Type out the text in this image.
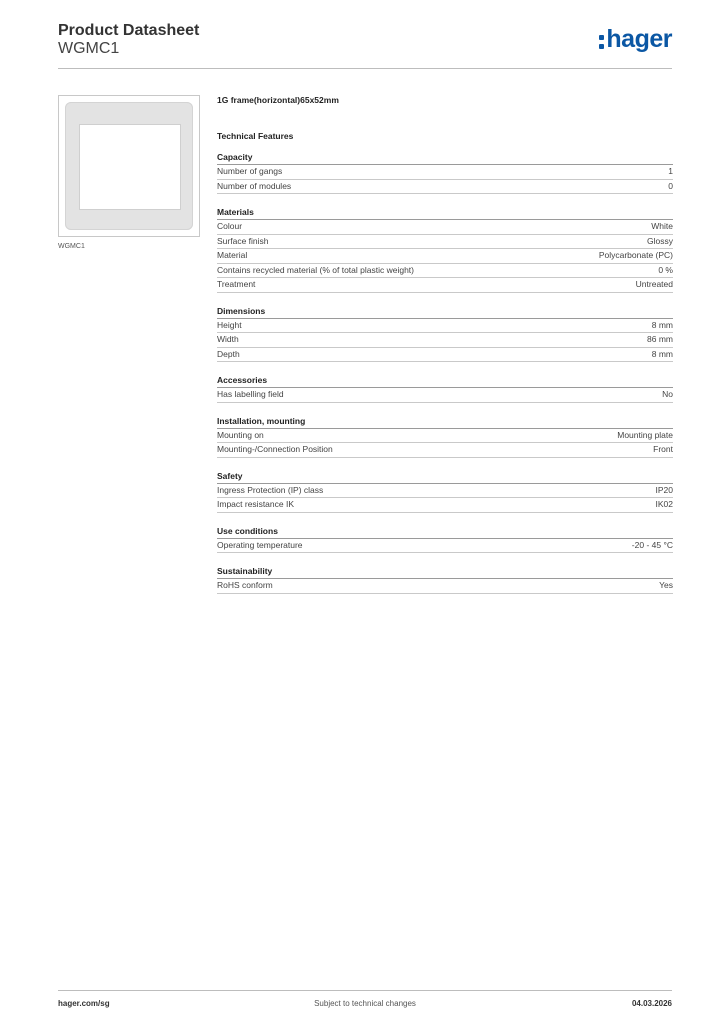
Product Datasheet
WGMC1	hager
WGMC1
1G frame(horizontal)65x52mm
Technical Features
Capacity
Number of gangs	1
Number of modules	0
Materials
Colour	White
Surface finish	Glossy
Material	Polycarbonate (PC)
Contains recycled material (% of total plastic weight)	0 %
Treatment	Untreated
Dimensions
Height	8 mm
Width	86 mm
Depth	8 mm
Accessories
Has labelling field	No
Installation, mounting
Mounting on	Mounting plate
Mounting-/Connection Position	Front
Safety
Ingress Protection (IP) class	IP20
Impact resistance IK	IK02
Use conditions
Operating temperature	-20 - 45 °C
Sustainability
RoHS conform	Yes
hager.com/sg	Subject to technical changes	04.03.2026
